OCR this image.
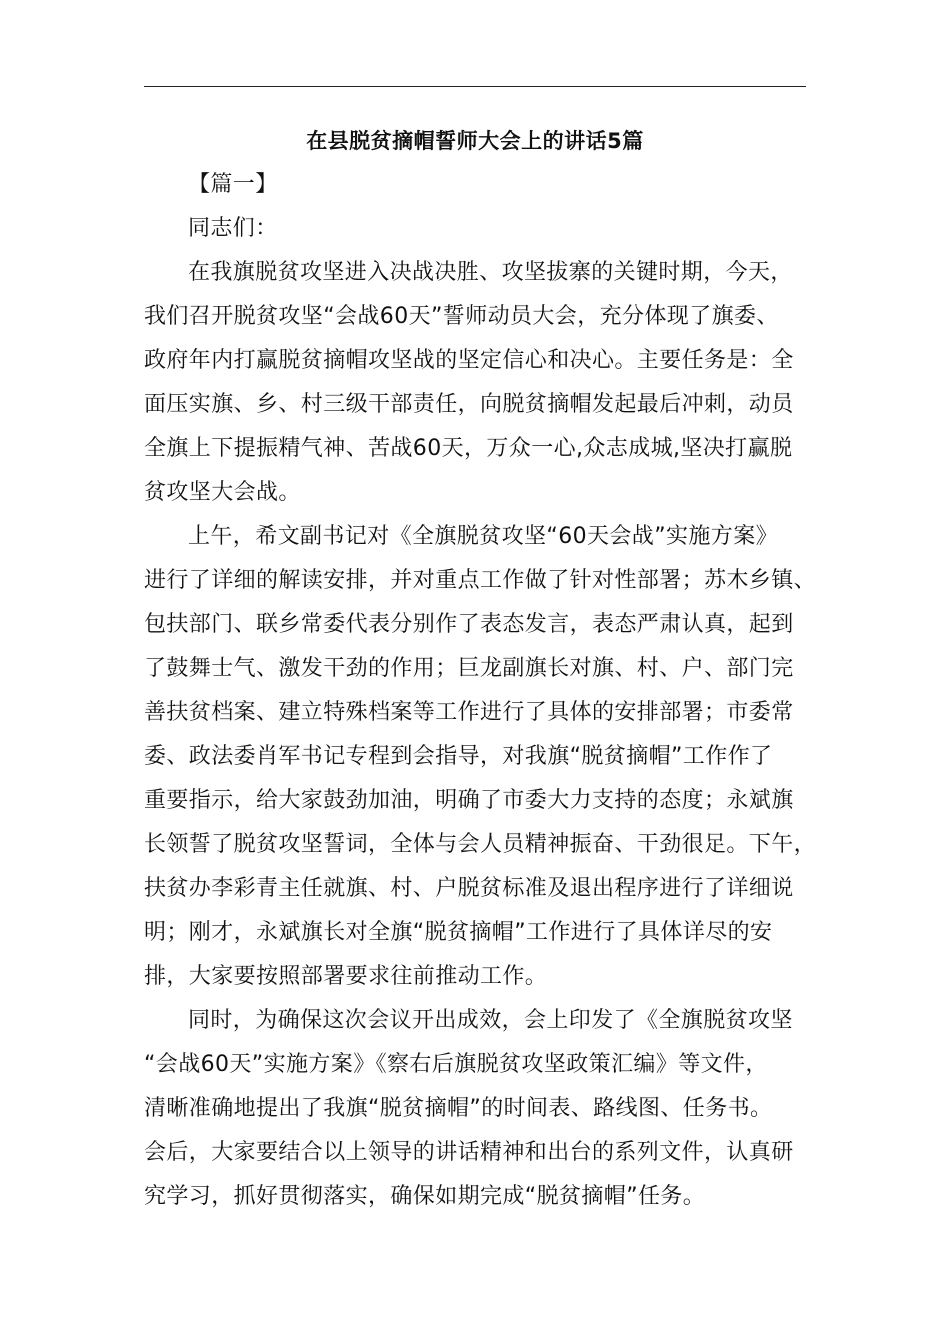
在县脱贫摘帽誓师大会上的讲话5篇
【篇一】
同志们：
在我旗脱贫攻坚进入决战决胜、攻坚拔寨的关键时期，今天，
我们召开脱贫攻坚“会战60天”誓师动员大会，充分体现了旗委、
政府年内打赢脱贫摘帽攻坚战的坚定信心和决心。主要任务是：全
面压实旗、乡、村三级干部责任，向脱贫摘帽发起最后冲刺，动员
全旗上下提振精气神、苦战60天，万众一心,众志成城,坚决打赢脱
贫攻坚大会战。
上午，希文副书记对《全旗脱贫攻坚“60天会战”实施方案》
进行了详细的解读安排，并对重点工作做了针对性部署；苏木乡镇、
包扶部门、联乡常委代表分别作了表态发言，表态严肃认真，起到
了鼓舞士气、激发干劲的作用；巨龙副旗长对旗、村、户、部门完
善扶贫档案、建立特殊档案等工作进行了具体的安排部署；市委常
委、政法委肖军书记专程到会指导，对我旗“脱贫摘帽”工作作了
重要指示，给大家鼓劲加油，明确了市委大力支持的态度；永斌旗
长领誓了脱贫攻坚誓词，全体与会人员精神振奋、干劲很足。下午，
扶贫办李彩青主任就旗、村、户脱贫标准及退出程序进行了详细说
明；刚才，永斌旗长对全旗“脱贫摘帽”工作进行了具体详尽的安
排，大家要按照部署要求往前推动工作。
同时，为确保这次会议开出成效，会上印发了《全旗脱贫攻坚
“会战60天”实施方案》《察右后旗脱贫攻坚政策汇编》等文件，
清晰准确地提出了我旗“脱贫摘帽”的时间表、路线图、任务书。
会后，大家要结合以上领导的讲话精神和出台的系列文件，认真研
究学习，抓好贯彻落实，确保如期完成“脱贫摘帽”任务。
